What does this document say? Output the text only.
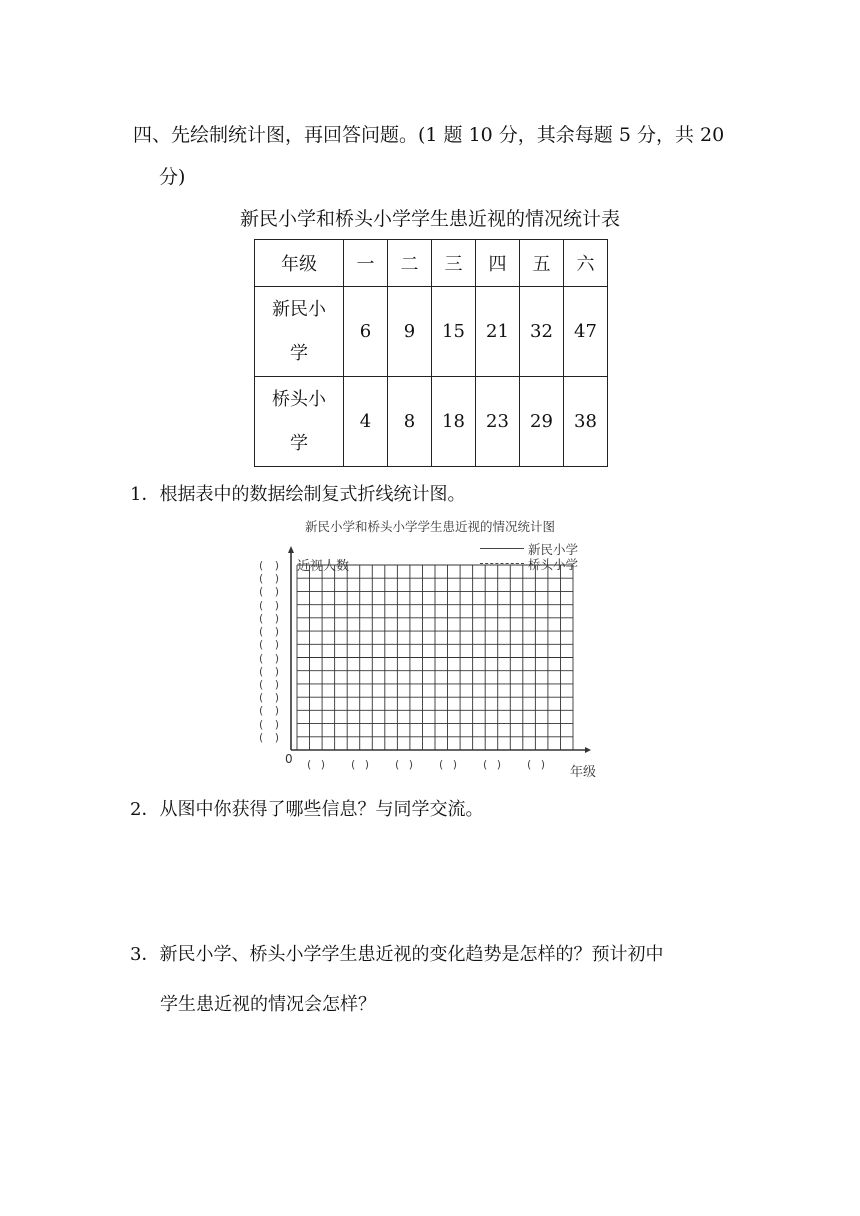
四、先绘制统计图，再回答问题。(1 题 10 分，其余每题 5 分，共 20
分)
新民小学和桥头小学学生患近视的情况统计表
年级	一	二	三	四	五	六
新民小 学	6	9	15	21	32	47
桥头小 学	4	8	18	23	29	38
1．根据表中的数据绘制复式折线统计图。
新民小学和桥头小学学生患近视的情况统计图
近视人数
新民小学
桥头小学
0
年级
( )
( )
( )
( )
( )
( )
( )
( )
( )
( )
( )
( )
( )
( )
( ) ( ) ( ) ( ) ( ) ( )
2．从图中你获得了哪些信息？与同学交流。
3．新民小学、桥头小学学生患近视的变化趋势是怎样的？预计初中
学生患近视的情况会怎样？
